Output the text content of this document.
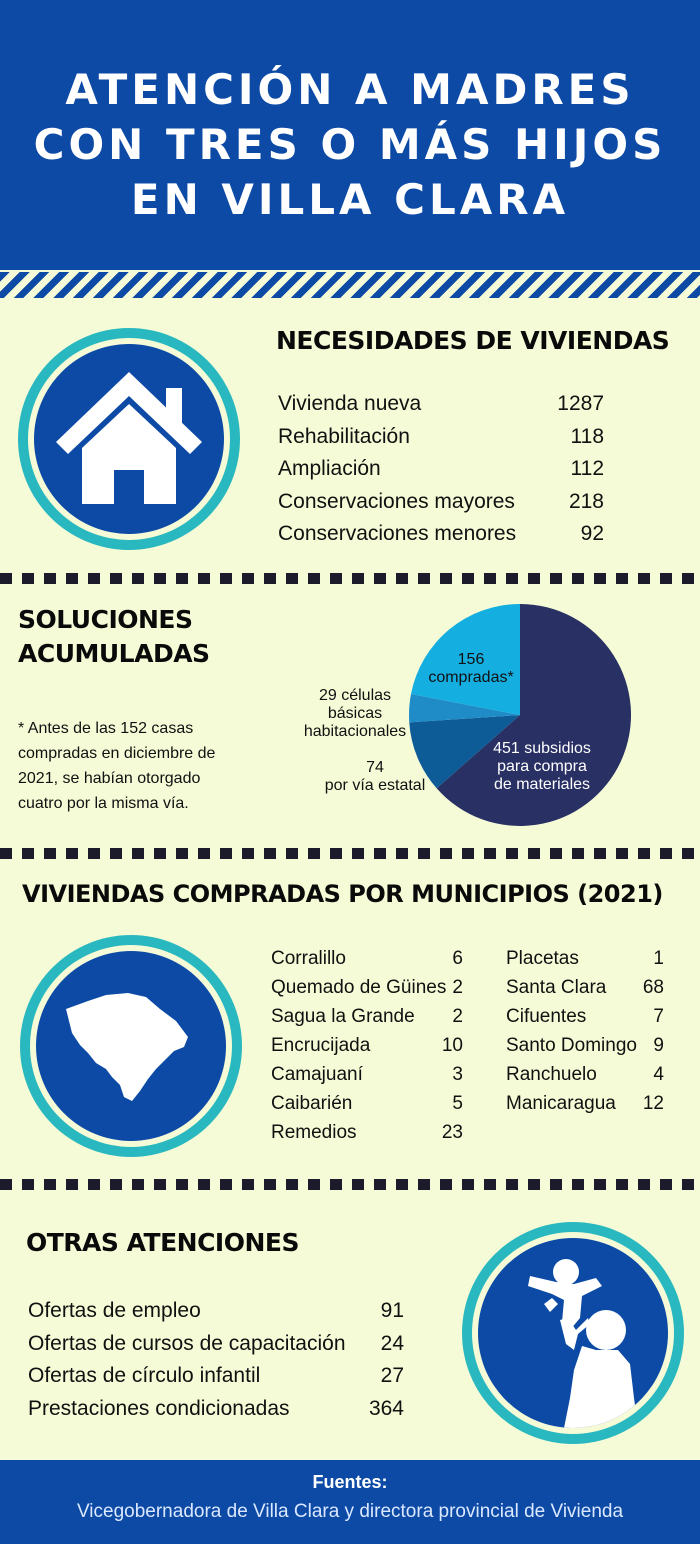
ATENCIÓN A MADRES
CON TRES O MÁS HIJOS
EN VILLA CLARA
NECESIDADES DE VIVIENDAS
Vivienda nueva	1287
Rehabilitación	118
Ampliación	112
Conservaciones mayores	218
Conservaciones menores	92
SOLUCIONES
ACUMULADAS
* Antes de las 152 casas compradas en diciembre de 2021, se habían otorgado cuatro por la misma vía.
156
compradas*
29 células
básicas
habitacionales
74
por vía estatal
451 subsidios
para compra
de materiales
VIVIENDAS COMPRADAS POR MUNICIPIOS (2021)
Corralillo	6
Quemado de Güines 2
Sagua la Grande 2
Encrucijada	10
Camajuaní	3
Caibarién	5
Remedios	23
Placetas	1
Santa Clara 68
Cifuentes	7
Santo Domingo 9
Ranchuelo	4
Manicaragua 12
OTRAS ATENCIONES
Ofertas de empleo	91
Ofertas de cursos de capacitación 24
Ofertas de círculo infantil	27
Prestaciones condicionadas	364
Fuentes:
Vicegobernadora de Villa Clara y directora provincial de Vivienda
